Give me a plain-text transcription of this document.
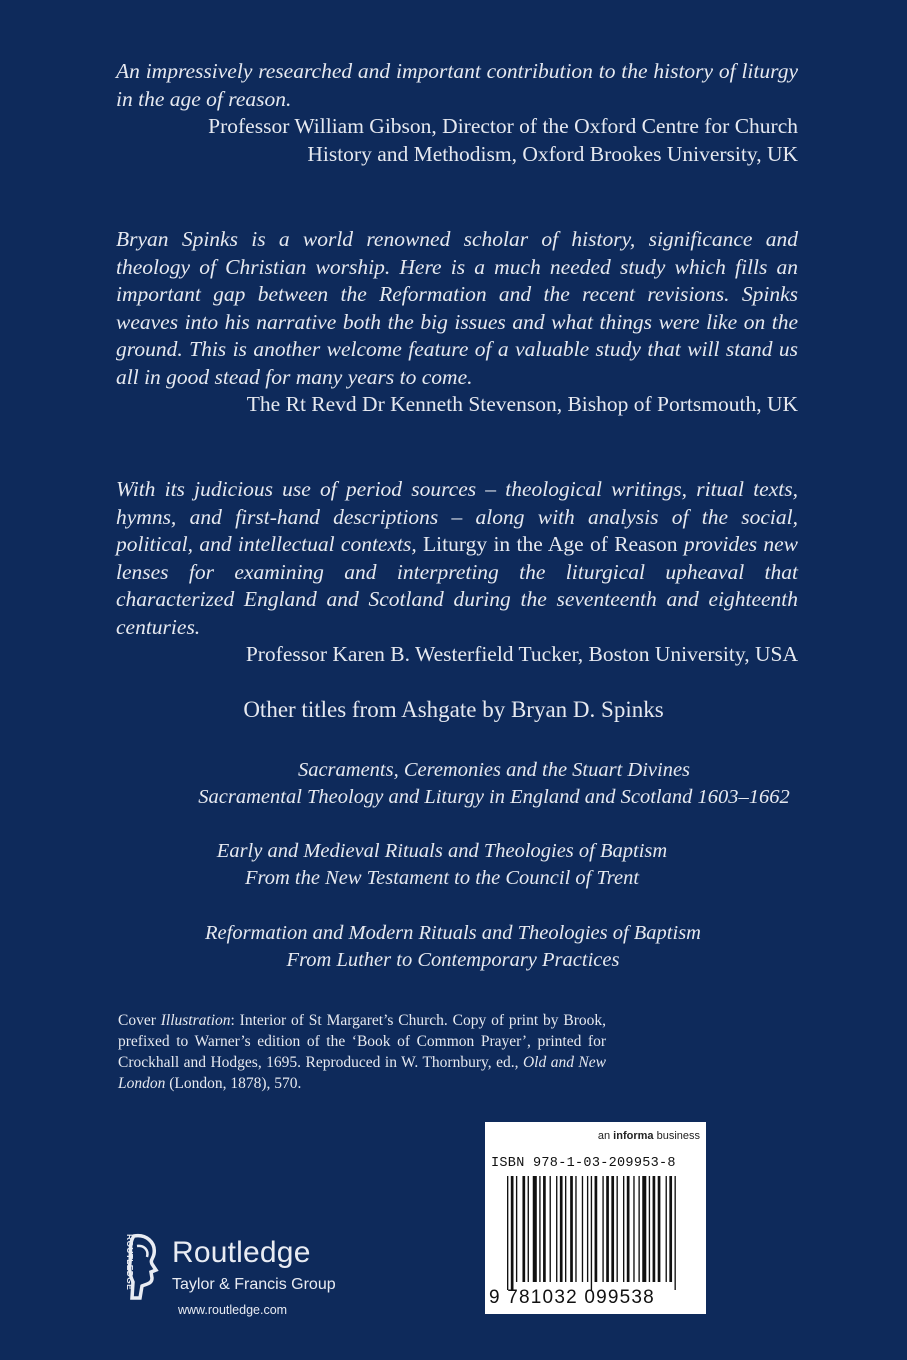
An impressively researched and important contribution to the history of liturgy in the age of reason.

Professor William Gibson, Director of the Oxford Centre for Church

History and Methodism, Oxford Brookes University, UK

Bryan Spinks is a world renowned scholar of history, significance and theology of Christian worship. Here is a much needed study which fills an important gap between the Reformation and the recent revisions. Spinks weaves into his narrative both the big issues and what things were like on the ground. This is another welcome feature of a valuable study that will stand us all in good stead for many years to come.

The Rt Revd Dr Kenneth Stevenson, Bishop of Portsmouth, UK

With its judicious use of period sources – theological writings, ritual texts, hymns, and first-hand descriptions – along with analysis of the social, political, and intellectual contexts, Liturgy in the Age of Reason provides new lenses for examining and interpreting the liturgical upheaval that characterized England and Scotland during the seventeenth and eighteenth centuries.

Professor Karen B. Westerfield Tucker, Boston University, USA

Other titles from Ashgate by Bryan D. Spinks
Sacraments, Ceremonies and the Stuart Divines
Sacramental Theology and Liturgy in England and Scotland 1603–1662
Early and Medieval Rituals and Theologies of Baptism
From the New Testament to the Council of Trent
Reformation and Modern Rituals and Theologies of Baptism
From Luther to Contemporary Practices
Cover Illustration: Interior of St Margaret’s Church. Copy of print by Brook, prefixed to Warner’s edition of the ‘Book of Common Prayer’, printed for Crockhall and Hodges, 1695. Reproduced in W. Thornbury, ed., Old and New London (London, 1878), 570.
ROUTLEDGE Routledge
Taylor & Francis Group
www.routledge.com
an informa business
ISBN 978-1-03-209953-8
9 781032 099538
